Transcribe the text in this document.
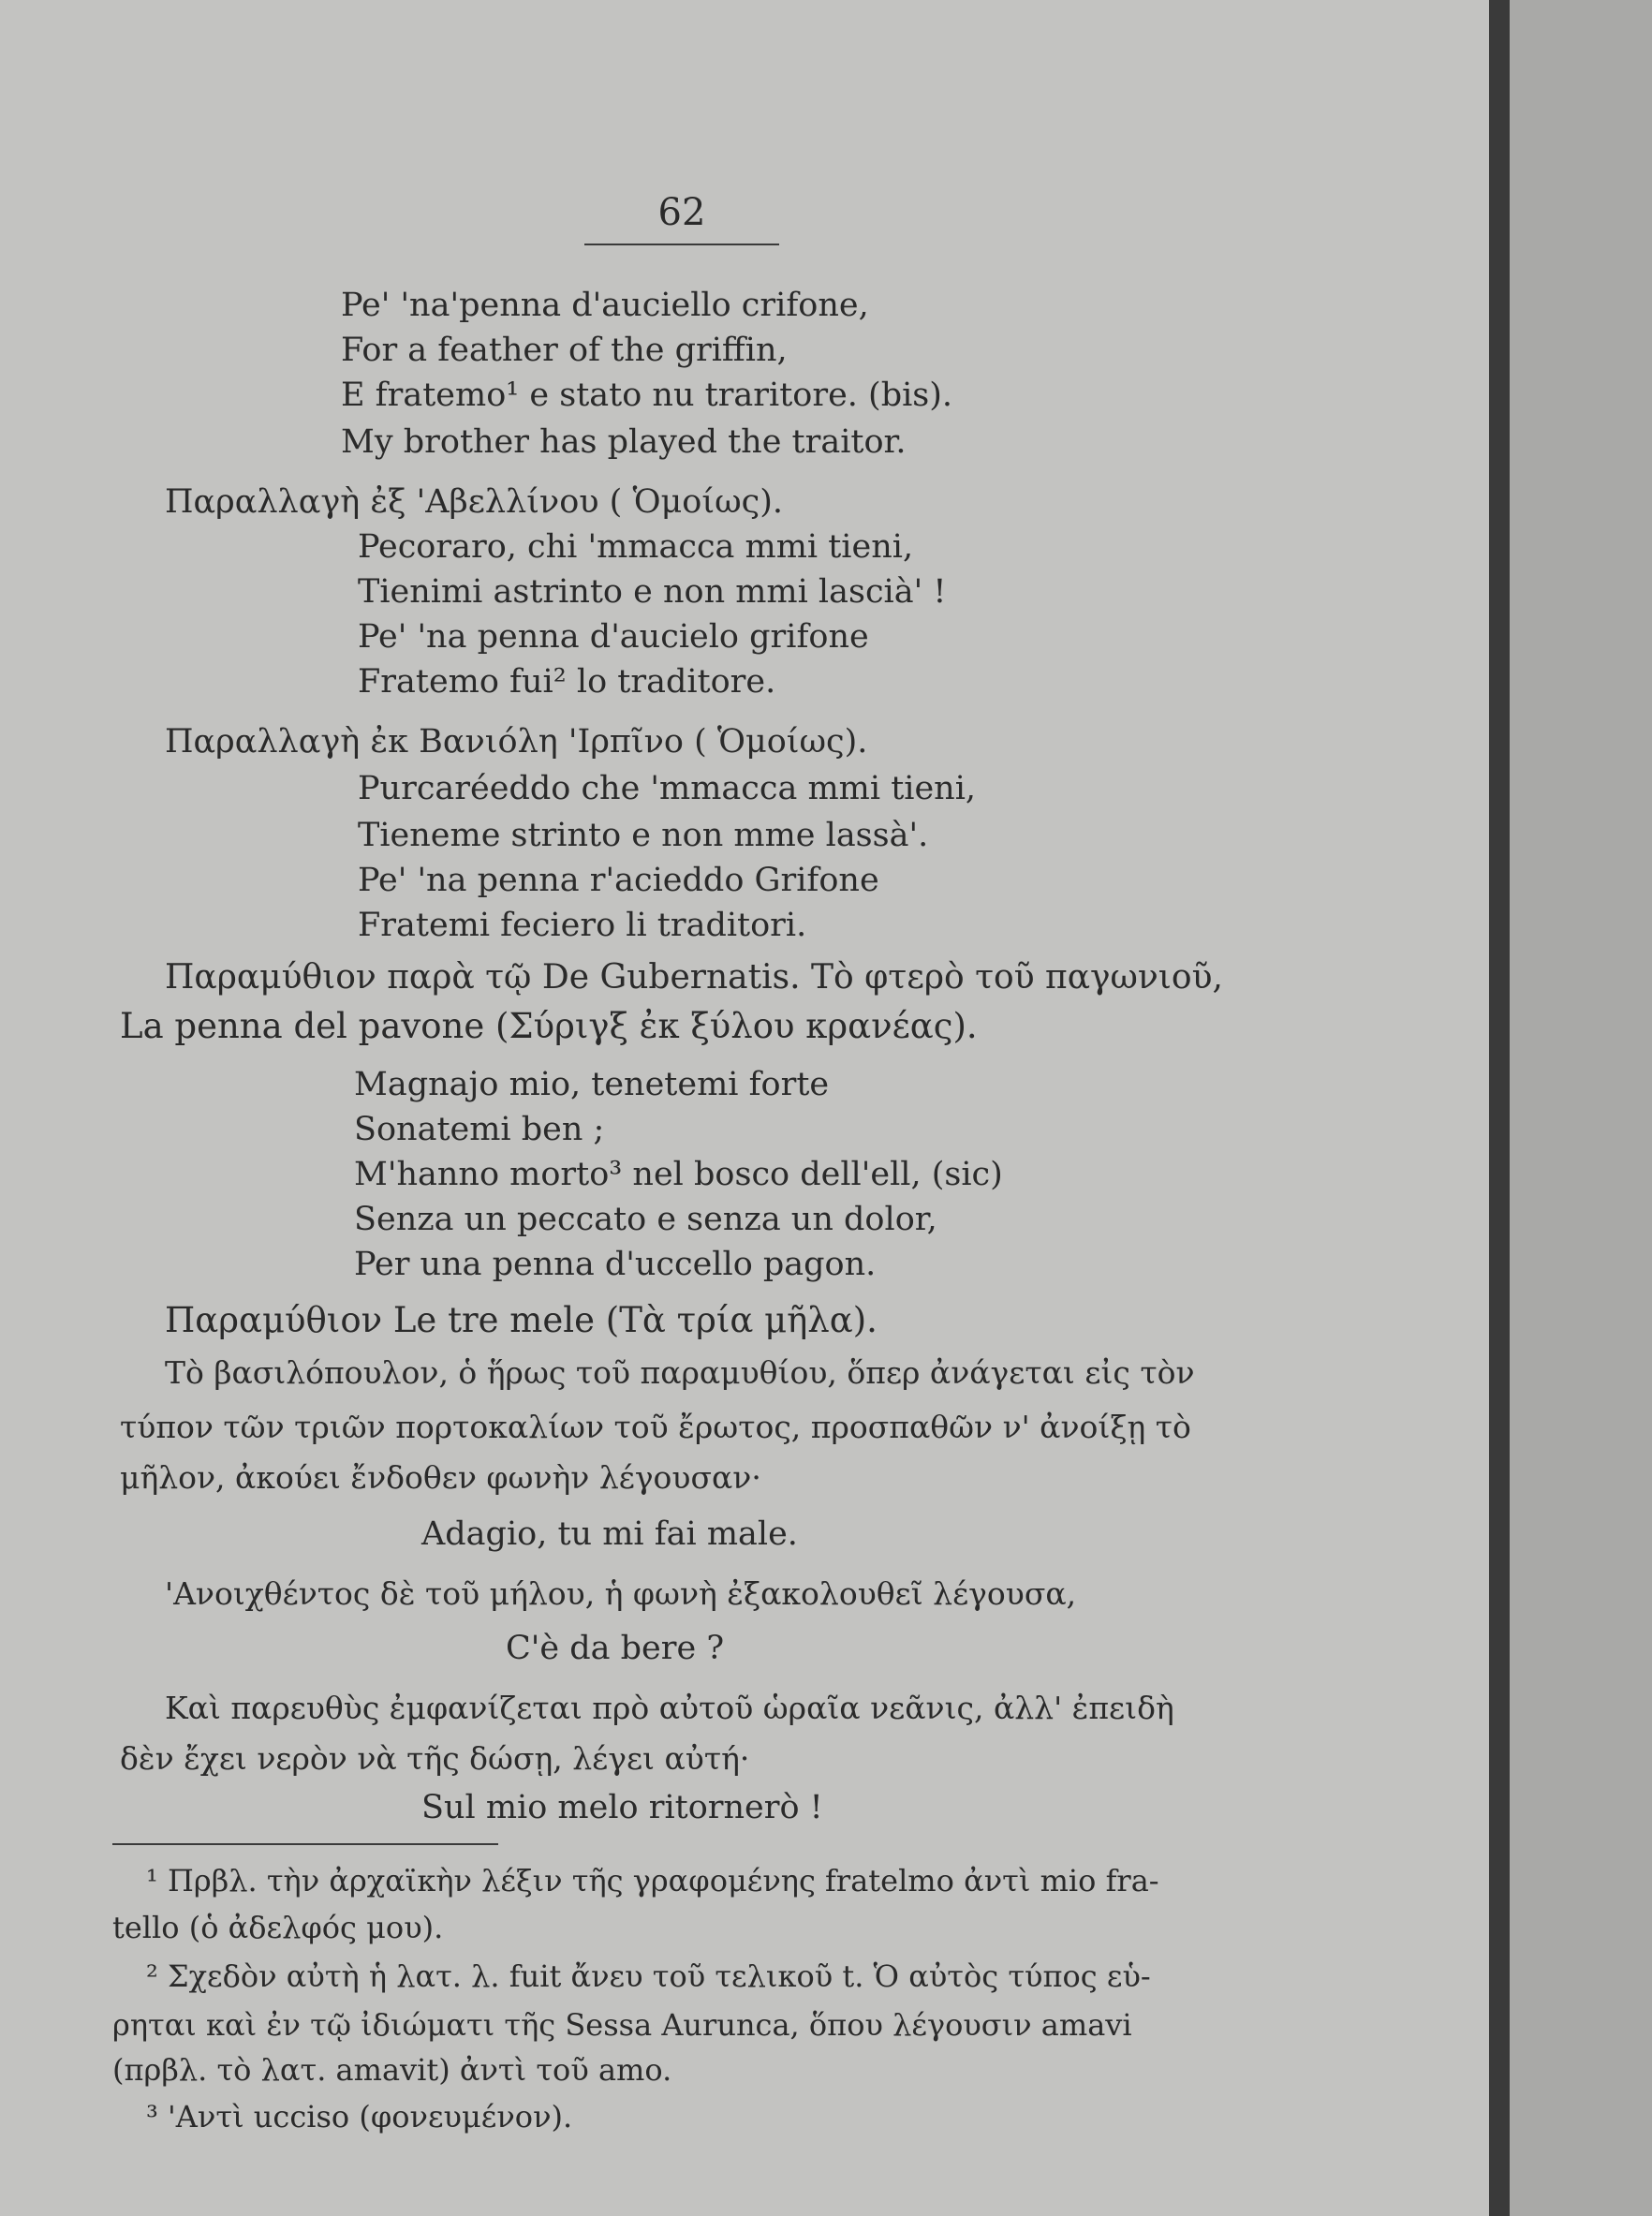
62
Pe' 'na'penna d'auciello crifone,
For a feather of the griffin,
E fratemo¹ e stato nu traritore. (bis).
My brother has played the traitor.
Παραλλαγὴ ἐξ 'Αβελλίνου ( Ὁμοίως).
Pecoraro, chi 'mmacca mmi tieni,
Tienimi astrinto e non mmi lascià' !
Pe' 'na penna d'aucielo grifone
Fratemo fui² lo traditore.
Παραλλαγὴ ἐκ Βανιόλη 'Ιρπῖνο ( Ὁμοίως).
Purcaréeddo che 'mmacca mmi tieni,
Tieneme strinto e non mme lassà'.
Pe' 'na penna r'acieddo Grifone
Fratemi feciero li traditori.
Παραμύθιον παρὰ τῷ De Gubernatis. Τὸ φτερὸ τοῦ παγωνιοῦ,
La penna del pavone (Σύριγξ ἐκ ξύλου κρανέας).
Magnajo mio, tenetemi forte
Sonatemi ben ;
M'hanno morto³ nel bosco dell'ell, (sic)
Senza un peccato e senza un dolor,
Per una penna d'uccello pagon.
Παραμύθιον Le tre mele (Τὰ τρία μῆλα).
Τὸ βασιλόπουλον, ὁ ἥρως τοῦ παραμυθίου, ὅπερ ἀνάγεται εἰς τὸν
τύπον τῶν τριῶν πορτοκαλίων τοῦ ἔρωτος, προσπαθῶν ν' ἀνοίξῃ τὸ
μῆλον, ἀκούει ἔνδοθεν φωνὴν λέγουσαν·
Adagio, tu mi fai male.
'Ανοιχθέντος δὲ τοῦ μήλου, ἡ φωνὴ ἐξακολουθεῖ λέγουσα,
C'è da bere ?
Καὶ παρευθὺς ἐμφανίζεται πρὸ αὐτοῦ ὡραῖα νεᾶνις, ἀλλ' ἐπειδὴ
δὲν ἔχει νερὸν νὰ τῆς δώσῃ, λέγει αὐτή·
Sul mio melo ritornerò !
¹ Πρβλ. τὴν ἀρχαϊκὴν λέξιν τῆς γραφομένης fratelmo ἀντὶ mio fra-
tello (ὁ ἀδελφός μου).
² Σχεδὸν αὐτὴ ἡ λατ. λ. fuit ἄνευ τοῦ τελικοῦ t. Ὁ αὐτὸς τύπος εὑ-
ρηται καὶ ἐν τῷ ἰδιώματι τῆς Sessa Aurunca, ὅπου λέγουσιν amavi
(πρβλ. τὸ λατ. amavit) ἀντὶ τοῦ amo.
³ 'Αντὶ ucciso (φονευμένον).
